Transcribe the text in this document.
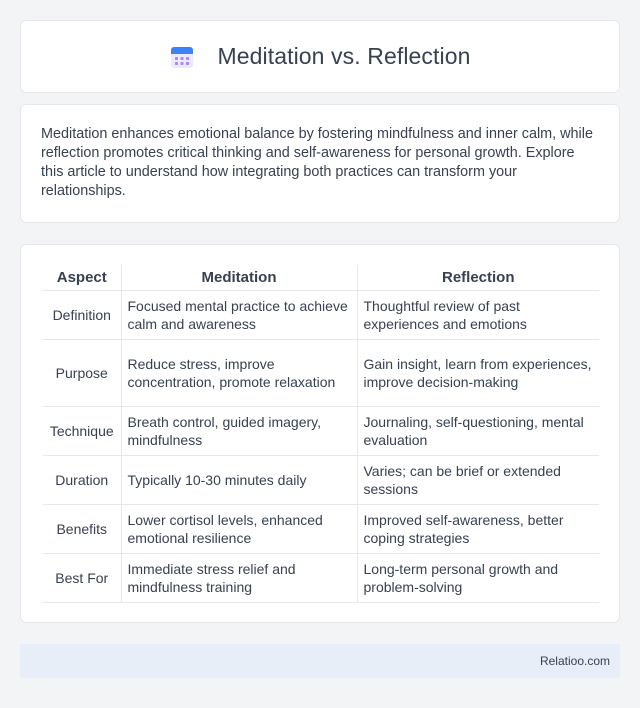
Meditation vs. Reflection

Meditation enhances emotional balance by fostering mindfulness and inner calm, while reflection promotes critical thinking and self-awareness for personal growth. Explore this article to understand how integrating both practices can transform your relationships.

Aspect	Meditation	Reflection
Definition	Focused mental practice to achieve calm and awareness	Thoughtful review of past experiences and emotions
Purpose	Reduce stress, improve concentration, promote relaxation	Gain insight, learn from experiences, improve decision-making
Technique	Breath control, guided imagery, mindfulness	Journaling, self-questioning, mental evaluation
Duration	Typically 10-30 minutes daily	Varies; can be brief or extended sessions
Benefits	Lower cortisol levels, enhanced emotional resilience	Improved self-awareness, better coping strategies
Best For	Immediate stress relief and mindfulness training	Long-term personal growth and problem-solving
Relatioo.com
